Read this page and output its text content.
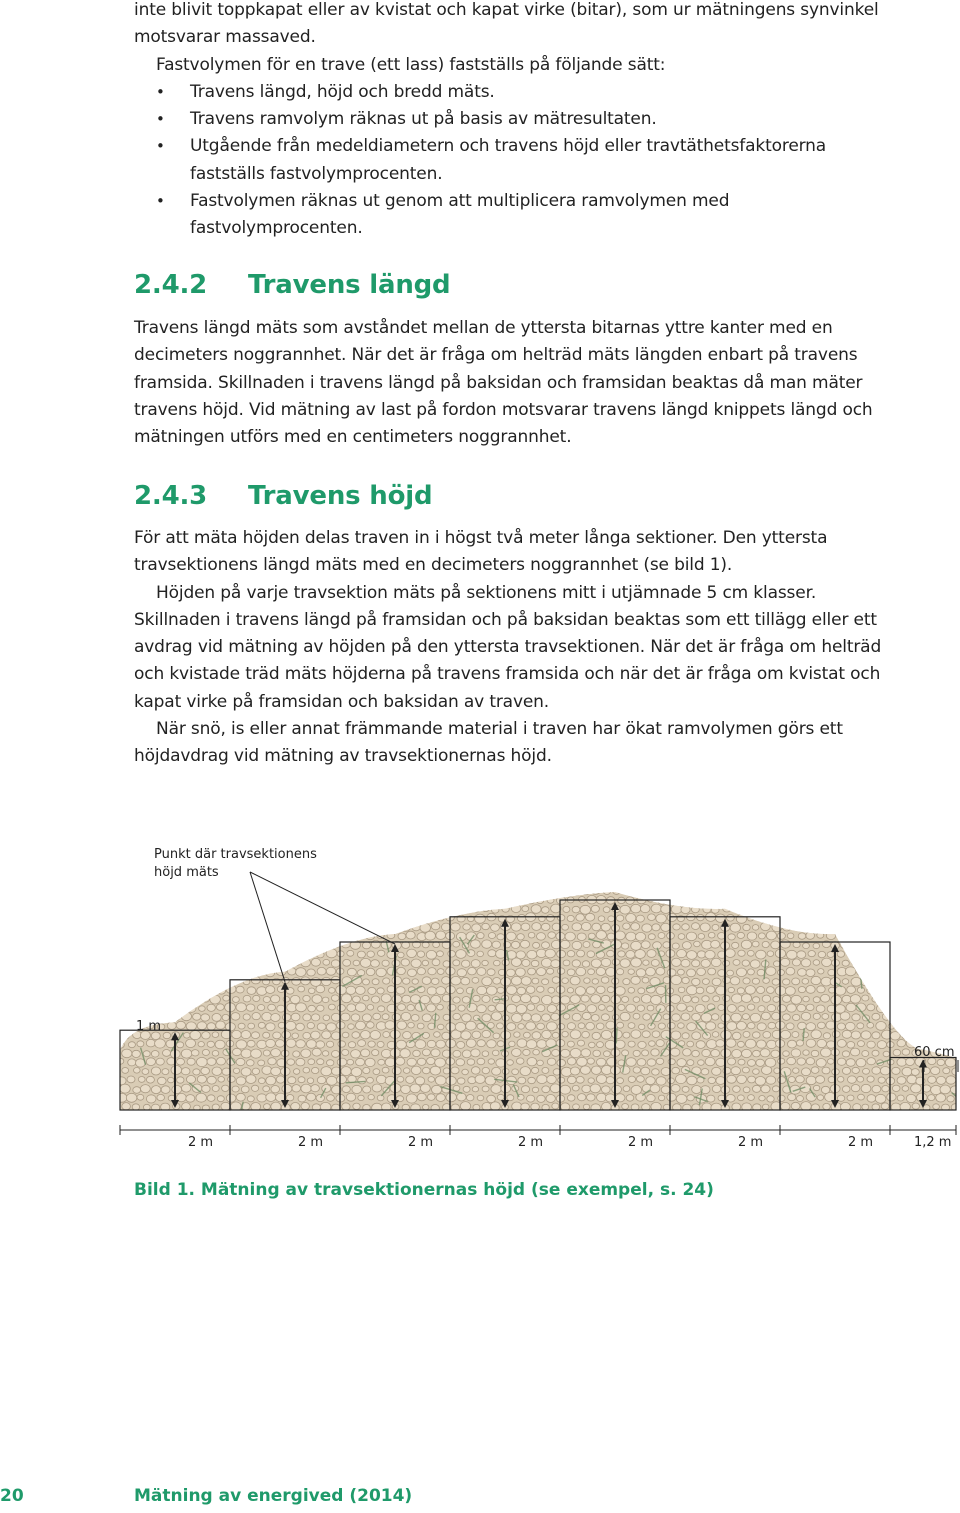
inte blivit toppkapat eller av kvistat och kapat virke (bitar), som ur mätningens synvinkel motsvarar massaved.

Fastvolymen för en trave (ett lass) fastställs på följande sätt:

• Travens längd, höjd och bredd mäts.
• Travens ramvolym räknas ut på basis av mätresultaten.
• Utgående från medeldiametern och travens höjd eller travtäthetsfaktorerna fastställs fastvolymprocenten.
• Fastvolymen räknas ut genom att multiplicera ramvolymen med fastvolymprocenten.
2.4.2 Travens längd

Travens längd mäts som avståndet mellan de yttersta bitarnas yttre kanter med en decimeters noggrannhet. När det är fråga om helträd mäts längden enbart på travens framsida. Skillnaden i travens längd på baksidan och framsidan beaktas då man mäter travens höjd. Vid mätning av last på fordon motsvarar travens längd knippets längd och mätningen utförs med en centimeters noggrannhet.

2.4.3 Travens höjd

För att mäta höjden delas traven in i högst två meter långa sektioner. Den yttersta travsektionens längd mäts med en decimeters noggrannhet (se bild 1).

Höjden på varje travsektion mäts på sektionens mitt i utjämnade 5 cm klasser. Skillnaden i travens längd på framsidan och på baksidan beaktas som ett tillägg eller ett avdrag vid mätning av höjden på den yttersta travsektionen. När det är fråga om helträd och kvistade träd mäts höjderna på travens framsida och när det är fråga om kvistat och kapat virke på framsidan och baksidan av traven.

När snö, is eller annat främmande material i traven har ökat ramvolymen görs ett höjdavdrag vid mätning av travsektionernas höjd.

Punkt där travsektionens
höjd mäts
1 m
60 cm
2 m	2 m	2 m	2 m	2 m	2 m	2 m	1,2 m

Bild 1. Mätning av travsektionernas höjd (se exempel, s. 24)

20	Mätning av energived (2014)
